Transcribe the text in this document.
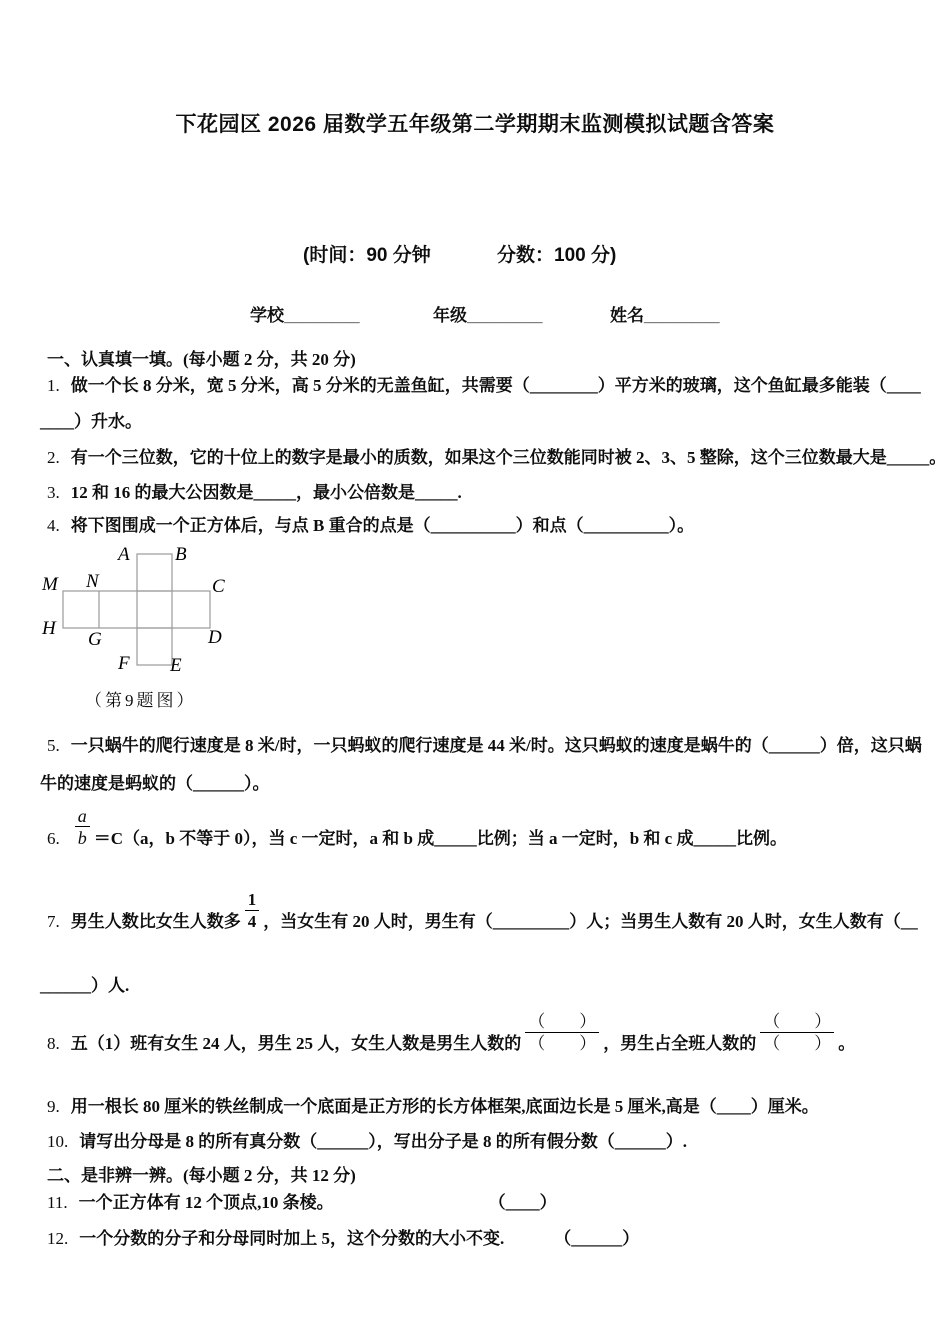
下花园区 2026 届数学五年级第二学期期末监测模拟试题含答案
(时间：90 分钟	分数：100 分)
学校________	年级________	姓名________
一、认真填一填。(每小题 2 分，共 20 分)
1. 做一个长 8 分米，宽 5 分米，高 5 分米的无盖鱼缸，共需要（________）平方米的玻璃，这个鱼缸最多能装（____
____）升水。
2. 有一个三位数，它的十位上的数字是最小的质数，如果这个三位数能同时被 2、3、5 整除，这个三位数最大是_____。
3. 12 和 16 的最大公因数是_____，最小公倍数是_____.
4. 将下图围成一个正方体后，与点 B 重合的点是（__________）和点（__________）。
A B
M N	C
H
G	D
F E
（第9题图）
5. 一只蜗牛的爬行速度是 8 米/时，一只蚂蚁的爬行速度是 44 米/时。这只蚂蚁的速度是蜗牛的（______）倍，这只蜗
牛的速度是蚂蚁的（______）。
6. $\frac{a}{b} =C(a$，b 不等于 0），当 c 一定时，a 和 b 成_____比例；当 a 一定时，b 和 c 成_____比例。
7. 男生人数比女生人数多 $\frac{1}{4}$ ，当女生有 20 人时，男生有（_________）人；当男生人数有 20 人时，女生人数有（__
______）人.
8. 五（1）班有女生 24 人，男生 25 人，女生人数是男生人数的 $\frac{( )}{( )}$ ，男生占全班人数的 $\frac{( )}{( )}$ 。
9. 用一根长 80 厘米的铁丝制成一个底面是正方形的长方体框架,底面边长是 5 厘米,高是（____）厘米。
10. 请写出分母是 8 的所有真分数（______），写出分子是 8 的所有假分数（______）.
二、是非辨一辨。(每小题 2 分，共 12 分)
11. 一个正方体有 12 个顶点,10 条棱。	（____）
12. 一个分数的分子和分母同时加上 5，这个分数的大小不变.	（______）
